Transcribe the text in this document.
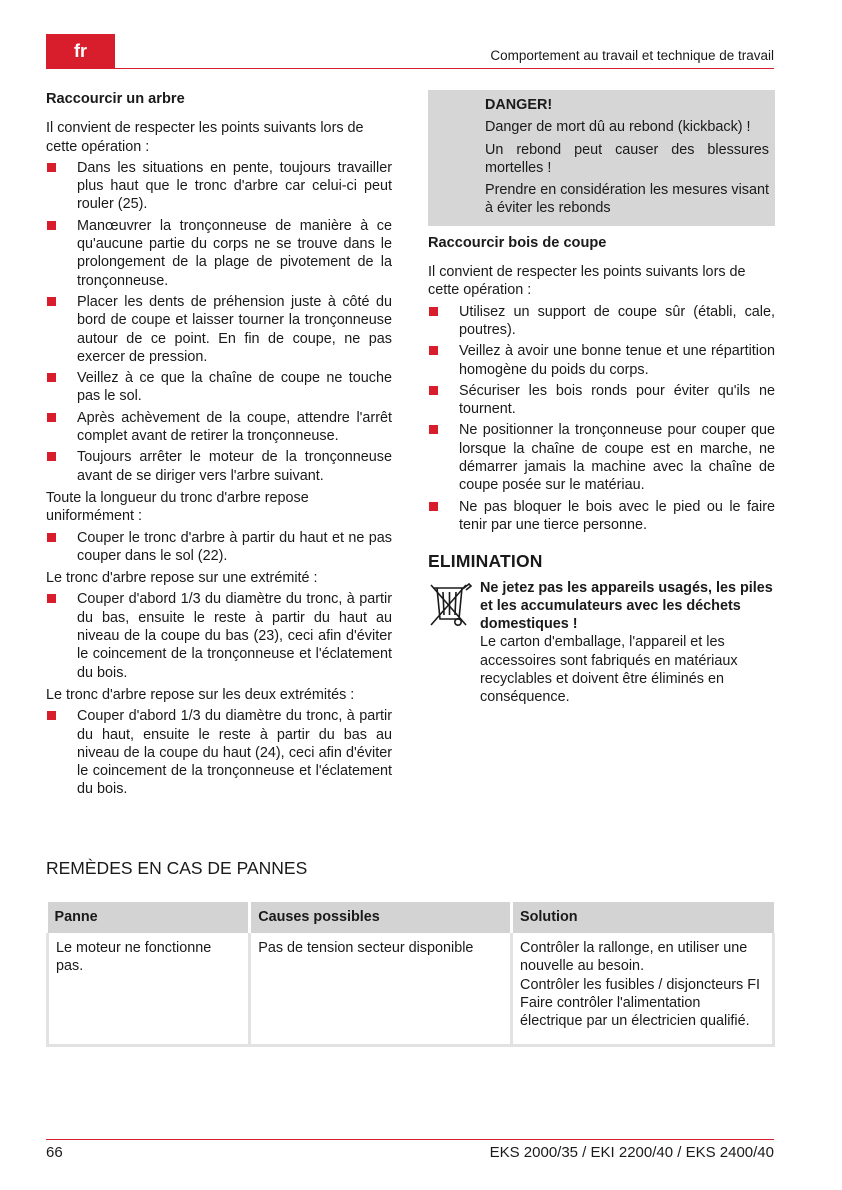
fr	Comportement au travail et technique de travail
Raccourcir un arbre

Il convient de respecter les points suivants lors de cette opération :

Dans les situations en pente, toujours travailler plus haut que le tronc d'arbre car celui-ci peut rouler (25).
Manœuvrer la tronçonneuse de manière à ce qu'aucune partie du corps ne se trouve dans le prolongement de la plage de pivotement de la tronçonneuse.
Placer les dents de préhension juste à côté du bord de coupe et laisser tourner la tronçonneuse autour de ce point. En fin de coupe, ne pas exercer de pression.
Veillez à ce que la chaîne de coupe ne touche pas le sol.
Après achèvement de la coupe, attendre l'arrêt complet avant de retirer la tronçonneuse.
Toujours arrêter le moteur de la tronçonneuse avant de se diriger vers l'arbre suivant.

Toute la longueur du tronc d'arbre repose uniformément :

Couper le tronc d'arbre à partir du haut et ne pas couper dans le sol (22).

Le tronc d'arbre repose sur une extrémité :

Couper d'abord 1/3 du diamètre du tronc, à partir du bas, ensuite le reste à partir du haut au niveau de la coupe du bas (23), ceci afin d'éviter le coincement de la tronçonneuse et l'éclatement du bois.

Le tronc d'arbre repose sur les deux extrémités :

Couper d'abord 1/3 du diamètre du tronc, à partir du haut, ensuite le reste à partir du bas au niveau de la coupe du haut (24), ceci afin d'éviter le coincement de la tronçonneuse et l'éclatement du bois.

DANGER!

Danger de mort dû au rebond (kickback) !

Un rebond peut causer des blessures mortelles !

Prendre en considération les mesures visant à éviter les rebonds

Raccourcir bois de coupe

Il convient de respecter les points suivants lors de cette opération :

Utilisez un support de coupe sûr (établi, cale, poutres).
Veillez à avoir une bonne tenue et une répartition homogène du poids du corps.
Sécuriser les bois ronds pour éviter qu'ils ne tournent.
Ne positionner la tronçonneuse pour couper que lorsque la chaîne de coupe est en marche, ne démarrer jamais la machine avec la chaîne de coupe posée sur le matériau.
Ne pas bloquer le bois avec le pied ou le faire tenir par une tierce personne.
ELIMINATION

Ne jetez pas les appareils usagés, les piles et les accumulateurs avec les déchets domestiques !

Le carton d'emballage, l'appareil et les accessoires sont fabriqués en matériaux recyclables et doivent être éliminés en conséquence.

REMÈDES EN CAS DE PANNES
Panne	Causes possibles	Solution
Le moteur ne fonctionne pas.	Pas de tension secteur disponible	Contrôler la rallonge, en utiliser une nouvelle au besoin.
Contrôler les fusibles / disjoncteurs FI
Faire contrôler l'alimentation électrique par un électricien qualifié.
66	EKS 2000/35 / EKI 2200/40 / EKS 2400/40
